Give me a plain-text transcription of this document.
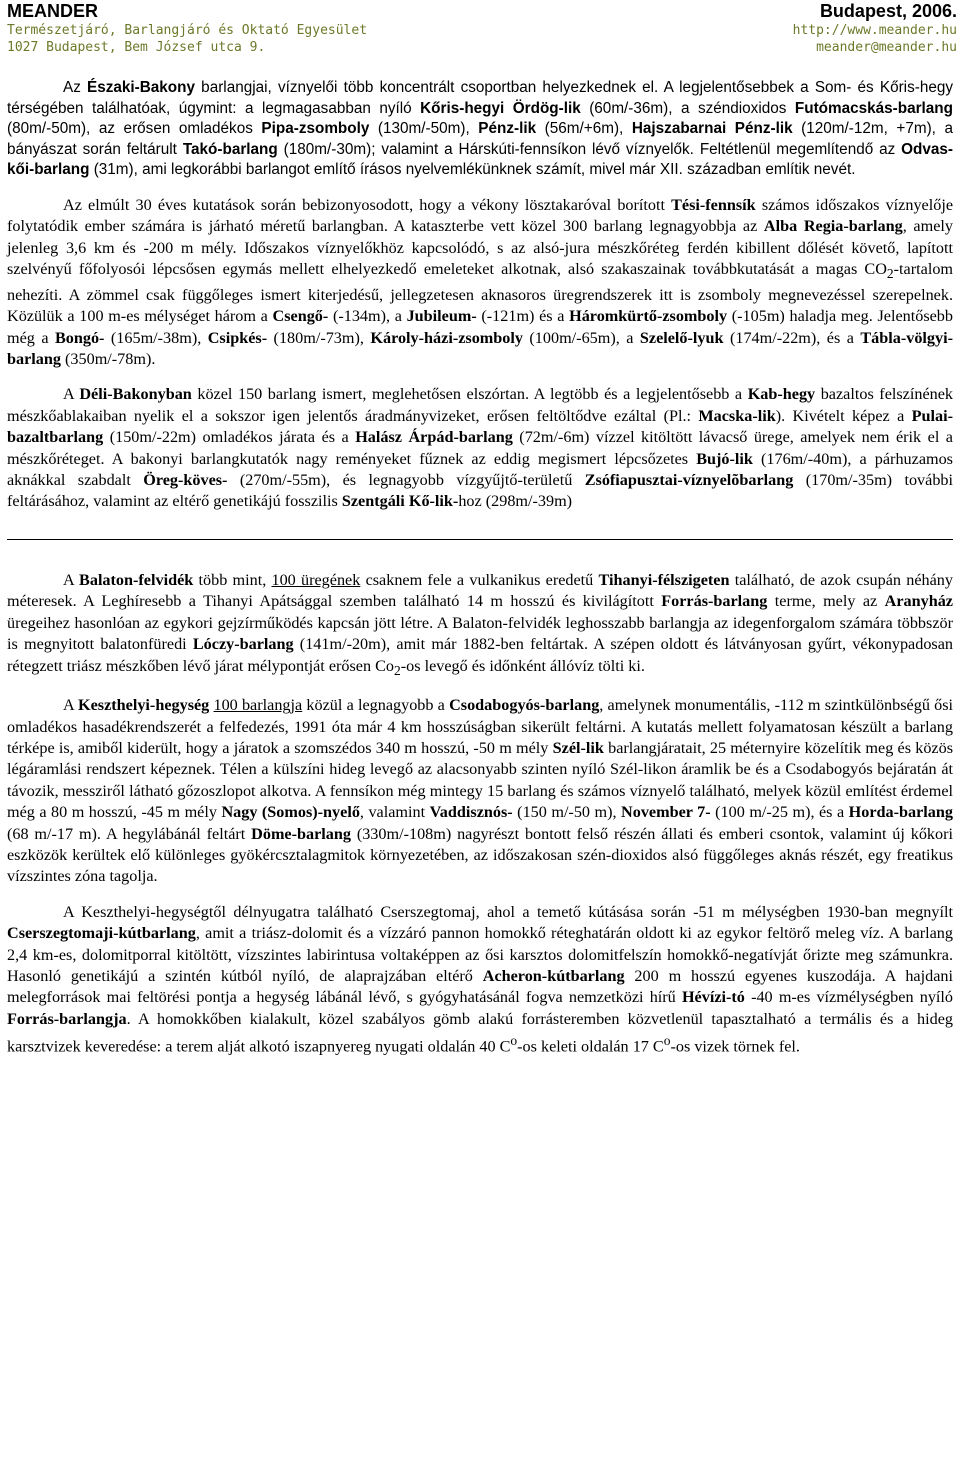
MEANDER	Budapest, 2006.
Természetjáró, Barlangjáró és Oktató Egyesület
1027 Budapest, Bem József utca 9.
http://www.meander.hu
meander@meander.hu

Az Északi-Bakony barlangjai, víznyelői több koncentrált csoportban helyezkednek el. A legjelentősebbek a Som- és Kőris-hegy térségében találhatóak, úgymint: a legmagasabban nyíló Kőris-hegyi Ördög-lik (60m/-36m), a széndioxidos Futómacskás-barlang (80m/-50m), az erősen omladékos Pipa-zsomboly (130m/-50m), Pénz-lik (56m/+6m), Hajszabarnai Pénz-lik (120m/-12m, +7m), a bányászat során feltárult Takó-barlang (180m/-30m); valamint a Hárskúti-fennsíkon lévő víznyelők. Feltétlenül megemlítendő az Odvas-kői-barlang (31m), ami legkorábbi barlangot említő írásos nyelvemlékünknek számít, mivel már XII. században említik nevét.

Az elmúlt 30 éves kutatások során bebizonyosodott, hogy a vékony lösztakaróval borított Tési-fennsík számos időszakos víznyelője folytatódik ember számára is járható méretű barlangban. A kataszterbe vett közel 300 barlang legnagyobbja az Alba Regia-barlang, amely jelenleg 3,6 km és -200 m mély. Időszakos víznyelőkhöz kapcsolódó, s az alsó-jura mészkőréteg ferdén kibillent dőlését követő, lapított szelvényű főfolyosói lépcsősen egymás mellett elhelyezkedő emeleteket alkotnak, alsó szakaszainak továbbkutatását a magas $CO_2$-tartalom nehezíti. A zömmel csak függőleges ismert kiterjedésű, jellegzetesen aknasoros üregrendszerek itt is zsomboly megnevezéssel szerepelnek. Közülük a 100 m-es mélységet három a Csengő- (-134m), a Jubileum- (-121m) és a Háromkürtő-zsomboly (-105m) haladja meg. Jelentősebb még a Bongó- (165m/-38m), Csipkés- (180m/-73m), Károly-házi-zsomboly (100m/-65m), a Szelelő-lyuk (174m/-22m), és a Tábla-völgyi-barlang (350m/-78m).

A Déli-Bakonyban közel 150 barlang ismert, meglehetősen elszórtan. A legtöbb és a legjelentősebb a Kab-hegy bazaltos felszínének mészkőablakaiban nyelik el a sokszor igen jelentős áradmányvizeket, erősen feltöltődve ezáltal (Pl.: Macska-lik). Kivételt képez a Pulai-bazaltbarlang (150m/-22m) omladékos járata és a Halász Árpád-barlang (72m/-6m) vízzel kitöltött lávacső ürege, amelyek nem érik el a mészkőréteget. A bakonyi barlangkutatók nagy reményeket fűznek az eddig megismert lépcsőzetes Bujó-lik (176m/-40m), a párhuzamos aknákkal szabdalt Öreg-köves- (270m/-55m), és legnagyobb vízgyűjtő-területű Zsófiapusztai-víznyelõbarlang (170m/-35m) további feltárásához, valamint az eltérő genetikájú fosszilis Szentgáli Kő-lik-hoz (298m/-39m)

A Balaton-felvidék több mint, 100 üregének csaknem fele a vulkanikus eredetű Tihanyi-félszigeten található, de azok csupán néhány méteresek. A Leghíresebb a Tihanyi Apátsággal szemben található 14 m hosszú és kivilágított Forrás-barlang terme, mely az Aranyház üregeihez hasonlóan az egykori gejzírműködés kapcsán jött létre. A Balaton-felvidék leghosszabb barlangja az idegenforgalom számára többször is megnyitott balatonfüredi Lóczy-barlang (141m/-20m), amit már 1882-ben feltártak. A szépen oldott és látványosan gyűrt, vékonypadosan rétegzett triász mészkőben lévő járat mélypontját erősen $Co_2-os$ levegő és időnként állóvíz tölti ki.

A Keszthelyi-hegység 100 barlangja közül a legnagyobb a Csodabogyós-barlang, amelynek monumentális, -112 m szintkülönbségű ősi omladékos hasadékrendszerét a felfedezés, 1991 óta már 4 km hosszúságban sikerült feltárni. A kutatás mellett folyamatosan készült a barlang térképe is, amiből kiderült, hogy a járatok a szomszédos 340 m hosszú, -50 m mély Szél-lik barlangjáratait, 25 méternyire közelítik meg és közös légáramlási rendszert képeznek. Télen a külszíni hideg levegő az alacsonyabb szinten nyíló Szél-likon áramlik be és a Csodabogyós bejáratán át távozik, messziről látható gőzoszlopot alkotva. A fennsíkon még mintegy 15 barlang és számos víznyelő található, melyek közül említést érdemel még a 80 m hosszú, -45 m mély Nagy (Somos)-nyelő, valamint Vaddisznós- (150 m/-50 m), November 7- (100 m/-25 m), és a Horda-barlang (68 m/-17 m). A hegylábánál feltárt Döme-barlang (330m/-108m) nagyrészt bontott felső részén állati és emberi csontok, valamint új kőkori eszközök kerültek elő különleges gyökércsztalagmitok környezetében, az időszakosan szén-dioxidos alsó függőleges aknás részét, egy freatikus vízszintes zóna tagolja.

A Keszthelyi-hegységtől délnyugatra található Cserszegtomaj, ahol a temető kútásása során -51 m mélységben 1930-ban megnyílt Cserszegtomaji-kútbarlang, amit a triász-dolomit és a vízzáró pannon homokkő réteghatárán oldott ki az egykor feltörő meleg víz. A barlang 2,4 km-es, dolomitporral kitöltött, vízszintes labirintusa voltaképpen az ősi karsztos dolomitfelszín homokkő-negatívját őrizte meg számunkra. Hasonló genetikájú a szintén kútból nyíló, de alaprajzában eltérő Acheron-kútbarlang 200 m hosszú egyenes kuszodája. A hajdani melegforrások mai feltörési pontja a hegység lábánál lévő, s gyógyhatásánál fogva nemzetközi hírű Hévízi-tó -40 m-es vízmélységben nyíló Forrás-barlangja. A homokkőben kialakult, közel szabályos gömb alakú forrásteremben közvetlenül tapasztalható a termális és a hideg karsztvizek keveredése: a terem alját alkotó iszapnyereg nyugati oldalán 40 $C^o-os$ keleti oldalán 17 $C^o-os$ vizek törnek fel.
